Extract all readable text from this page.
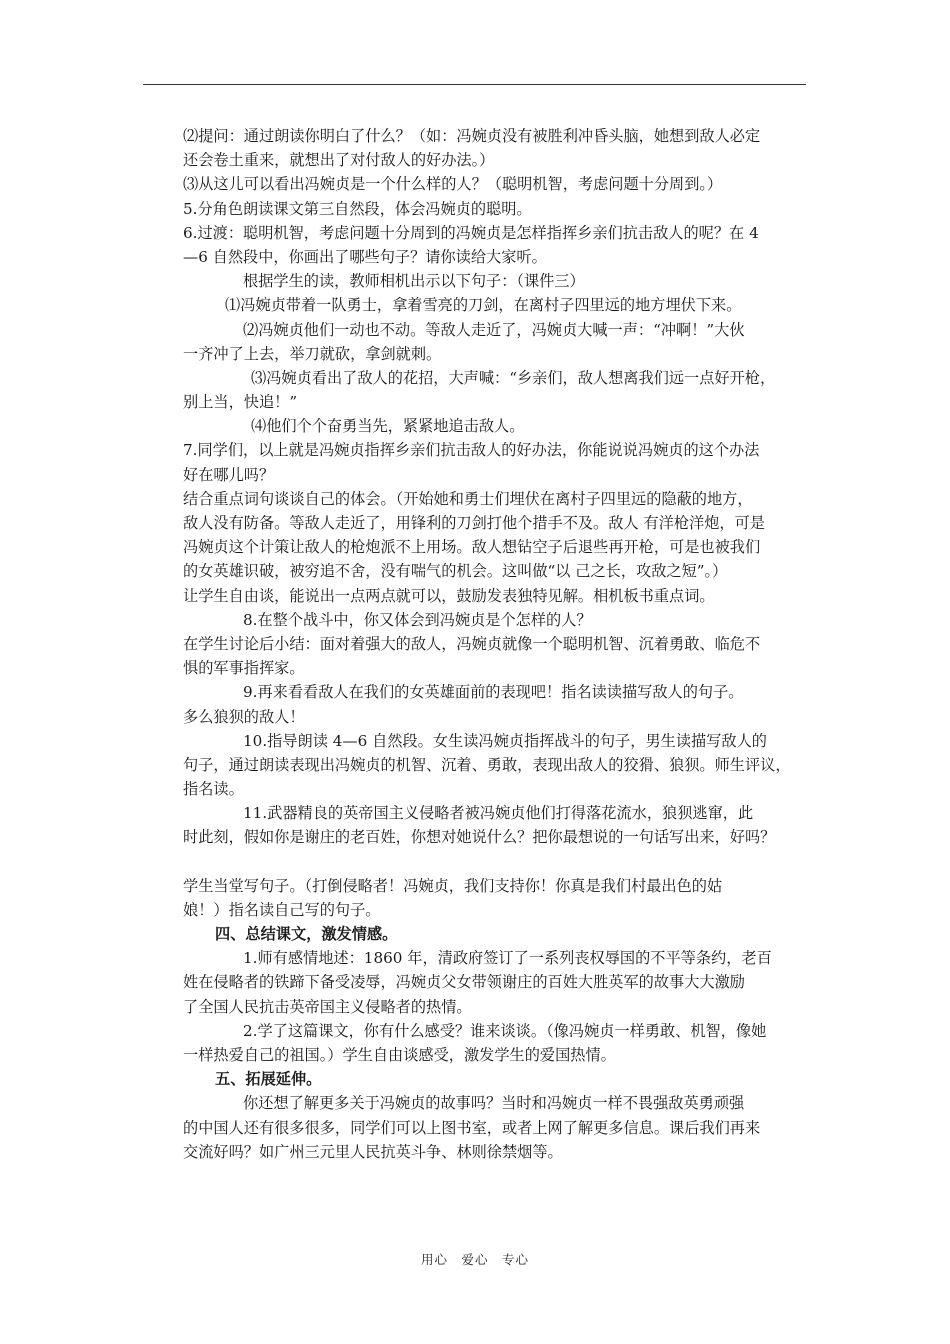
⑵提问：通过朗读你明白了什么？（如：冯婉贞没有被胜利冲昏头脑，她想到敌人必定
还会卷土重来，就想出了对付敌人的好办法。）
⑶从这儿可以看出冯婉贞是一个什么样的人？（聪明机智，考虑问题十分周到。）
5.分角色朗读课文第三自然段，体会冯婉贞的聪明。
6.过渡：聪明机智，考虑问题十分周到的冯婉贞是怎样指挥乡亲们抗击敌人的呢？在 4
—6 自然段中，你画出了哪些句子？请你读给大家听。
根据学生的读，教师相机出示以下句子：（课件三）
⑴冯婉贞带着一队勇士，拿着雪亮的刀剑，在离村子四里远的地方埋伏下来。
⑵冯婉贞他们一动也不动。等敌人走近了，冯婉贞大喊一声：“冲啊！”大伙
一齐冲了上去，举刀就砍，拿剑就刺。
⑶冯婉贞看出了敌人的花招，大声喊：“乡亲们，敌人想离我们远一点好开枪，
别上当，快追！”
⑷他们个个奋勇当先，紧紧地追击敌人。
7.同学们，以上就是冯婉贞指挥乡亲们抗击敌人的好办法，你能说说冯婉贞的这个办法
好在哪儿吗？
结合重点词句谈谈自己的体会。（开始她和勇士们埋伏在离村子四里远的隐蔽的地方，
敌人没有防备。等敌人走近了，用锋利的刀剑打他个措手不及。敌人 有洋枪洋炮，可是
冯婉贞这个计策让敌人的枪炮派不上用场。敌人想钻空子后退些再开枪，可是也被我们
的女英雄识破，被穷追不舍，没有喘气的机会。这叫做“以 己之长，攻敌之短”。）
让学生自由谈，能说出一点两点就可以，鼓励发表独特见解。相机板书重点词。
8.在整个战斗中，你又体会到冯婉贞是个怎样的人？
在学生讨论后小结：面对着强大的敌人，冯婉贞就像一个聪明机智、沉着勇敢、临危不
惧的军事指挥家。
9.再来看看敌人在我们的女英雄面前的表现吧！指名读读描写敌人的句子。
多么狼狈的敌人！
10.指导朗读 4—6 自然段。女生读冯婉贞指挥战斗的句子，男生读描写敌人的
句子，通过朗读表现出冯婉贞的机智、沉着、勇敢，表现出敌人的狡猾、狼狈。师生评议，
指名读。
11.武器精良的英帝国主义侵略者被冯婉贞他们打得落花流水，狼狈逃窜，此
时此刻，假如你是谢庄的老百姓，你想对她说什么？把你最想说的一句话写出来，好吗？
学生当堂写句子。（打倒侵略者！冯婉贞，我们支持你！你真是我们村最出色的姑
娘！）指名读自己写的句子。
四、总结课文，激发情感。
1.师有感情地述：1860 年，清政府签订了一系列丧权辱国的不平等条约，老百
姓在侵略者的铁蹄下备受凌辱，冯婉贞父女带领谢庄的百姓大胜英军的故事大大激励
了全国人民抗击英帝国主义侵略者的热情。
2.学了这篇课文，你有什么感受？谁来谈谈。（像冯婉贞一样勇敢、机智，像她
一样热爱自己的祖国。）学生自由谈感受，激发学生的爱国热情。
五、拓展延伸。
你还想了解更多关于冯婉贞的故事吗？当时和冯婉贞一样不畏强敌英勇顽强
的中国人还有很多很多，同学们可以上图书室，或者上网了解更多信息。课后我们再来
交流好吗？如广州三元里人民抗英斗争、林则徐禁烟等。
用心　爱心　专心
